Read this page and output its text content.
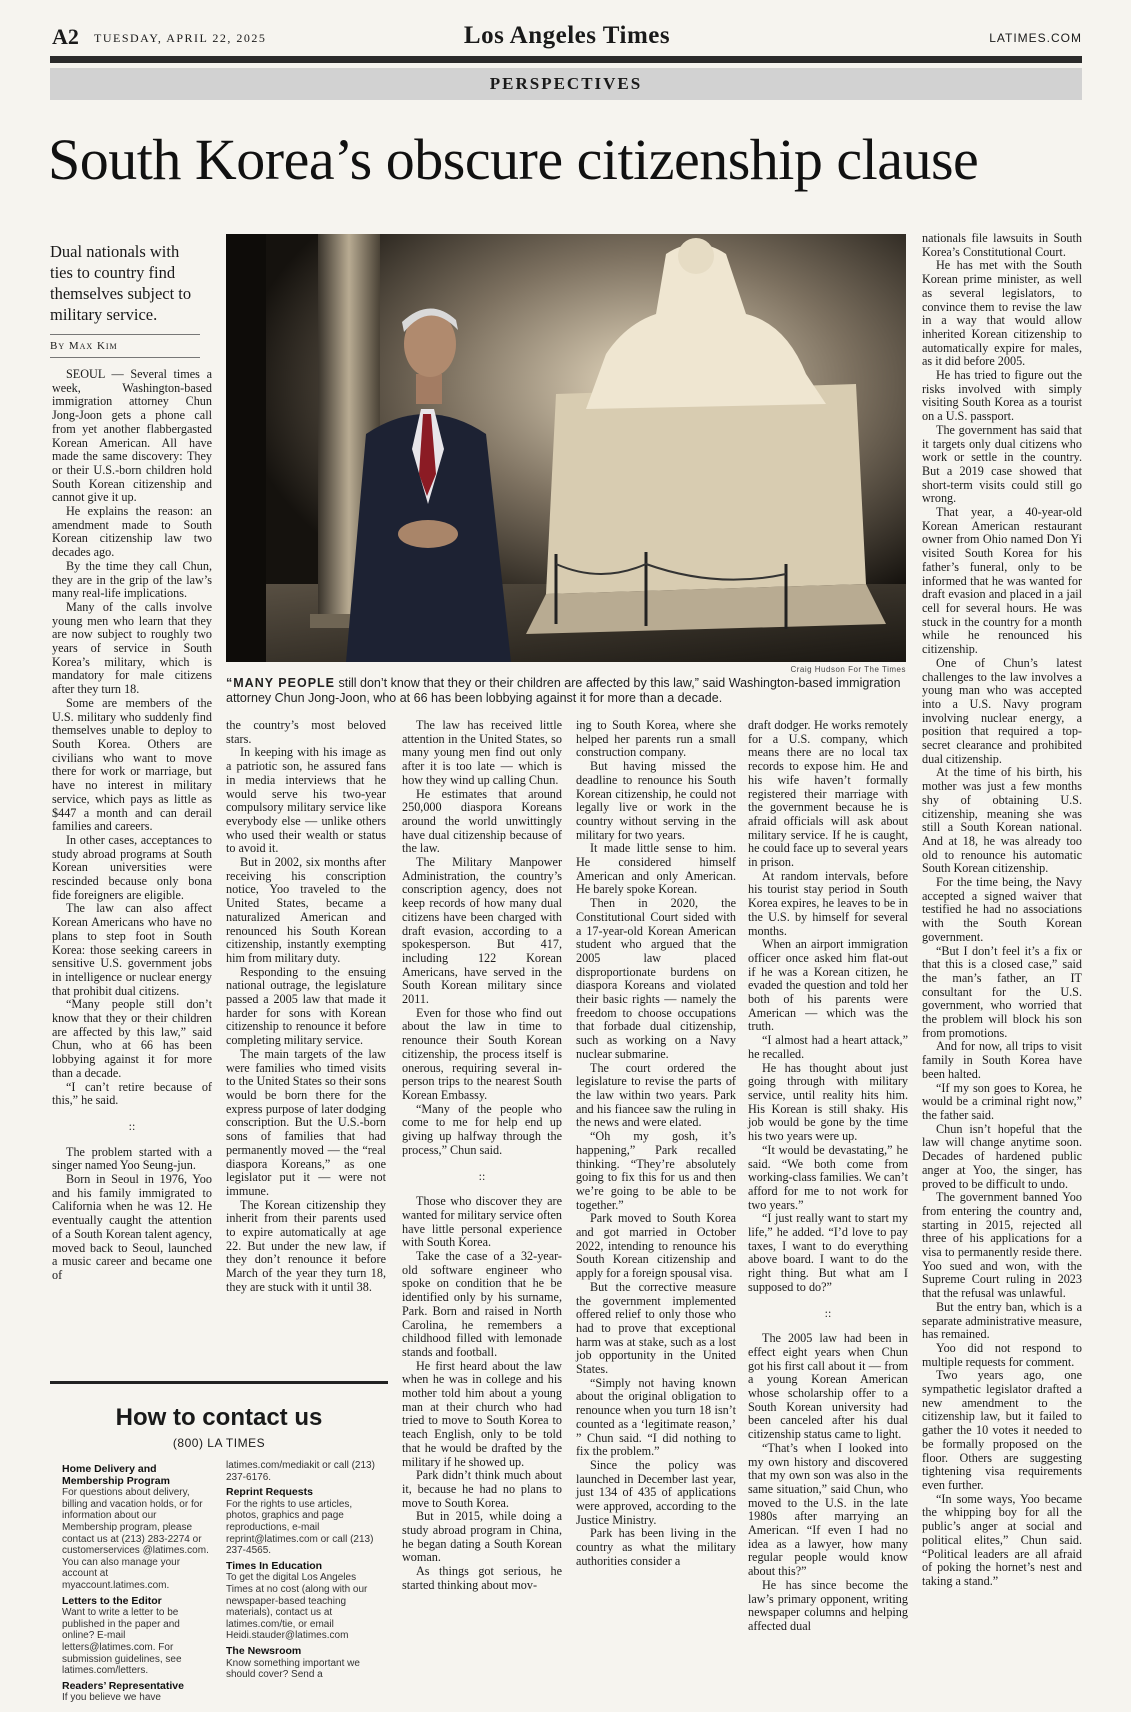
A2 TUESDAY, APRIL 22, 2025	Los Angeles Times	LATIMES.COM
PERSPECTIVES
South Korea’s obscure citizenship clause
Dual nationals with ties to country find themselves subject to military service.
By Max Kim
Craig Hudson For The Times
“MANY PEOPLE still don’t know that they or their children are affected by this law,” said Washington-based immigration attorney Chun Jong-Joon, who at 66 has been lobbying against it for more than a decade.

SEOUL — Several times a week, Washington-based immigration attorney Chun Jong-Joon gets a phone call from yet another flabbergasted Korean American. All have made the same discovery: They or their U.S.-born children hold South Korean citizenship and cannot give it up.

He explains the reason: an amendment made to South Korean citizenship law two decades ago.

By the time they call Chun, they are in the grip of the law’s many real-life implications.

Many of the calls involve young men who learn that they are now subject to roughly two years of service in South Korea’s military, which is mandatory for male citizens after they turn 18.

Some are members of the U.S. military who suddenly find themselves unable to deploy to South Korea. Others are civilians who want to move there for work or marriage, but have no interest in military service, which pays as little as $447 a month and can derail families and careers.

In other cases, acceptances to study abroad programs at South Korean universities were rescinded because only bona fide foreigners are eligible.

The law can also affect Korean Americans who have no plans to step foot in South Korea: those seeking careers in sensitive U.S. government jobs in intelligence or nuclear energy that prohibit dual citizens.

“Many people still don’t know that they or their children are affected by this law,” said Chun, who at 66 has been lobbying against it for more than a decade.

“I can’t retire because of this,” he said.

::

The problem started with a singer named Yoo Seung-jun.

Born in Seoul in 1976, Yoo and his family immigrated to California when he was 12. He eventually caught the attention of a South Korean talent agency, moved back to Seoul, launched a music career and became one of

the country’s most beloved stars.

In keeping with his image as a patriotic son, he assured fans in media interviews that he would serve his two-year compulsory military service like everybody else — unlike others who used their wealth or status to avoid it.

But in 2002, six months after receiving his conscription notice, Yoo traveled to the United States, became a naturalized American and renounced his South Korean citizenship, instantly exempting him from military duty.

Responding to the ensuing national outrage, the legislature passed a 2005 law that made it harder for sons with Korean citizenship to renounce it before completing military service.

The main targets of the law were families who timed visits to the United States so their sons would be born there for the express purpose of later dodging conscription. But the U.S.-born sons of families that had permanently moved — the “real diaspora Koreans,” as one legislator put it — were not immune.

The Korean citizenship they inherit from their parents used to expire automatically at age 22. But under the new law, if they don’t renounce it before March of the year they turn 18, they are stuck with it until 38.

The law has received little attention in the United States, so many young men find out only after it is too late — which is how they wind up calling Chun.

He estimates that around 250,000 diaspora Koreans around the world unwittingly have dual citizenship because of the law.

The Military Manpower Administration, the country’s conscription agency, does not keep records of how many dual citizens have been charged with draft evasion, according to a spokesperson. But 417, including 122 Korean Americans, have served in the South Korean military since 2011.

Even for those who find out about the law in time to renounce their South Korean citizenship, the process itself is onerous, requiring several in-person trips to the nearest South Korean Embassy.

“Many of the people who come to me for help end up giving up halfway through the process,” Chun said.

::

Those who discover they are wanted for military service often have little personal experience with South Korea.

Take the case of a 32-year-old software engineer who spoke on condition that he be identified only by his surname, Park. Born and raised in North Carolina, he remembers a childhood filled with lemonade stands and football.

He first heard about the law when he was in college and his mother told him about a young man at their church who had tried to move to South Korea to teach English, only to be told that he would be drafted by the military if he showed up.

Park didn’t think much about it, because he had no plans to move to South Korea.

But in 2015, while doing a study abroad program in China, he began dating a South Korean woman.

As things got serious, he started thinking about mov-

ing to South Korea, where she helped her parents run a small construction company.

But having missed the deadline to renounce his South Korean citizenship, he could not legally live or work in the country without serving in the military for two years.

It made little sense to him. He considered himself American and only American. He barely spoke Korean.

Then in 2020, the Constitutional Court sided with a 17-year-old Korean American student who argued that the 2005 law placed disproportionate burdens on diaspora Koreans and violated their basic rights — namely the freedom to choose occupations that forbade dual citizenship, such as working on a Navy nuclear submarine.

The court ordered the legislature to revise the parts of the law within two years. Park and his fiancee saw the ruling in the news and were elated.

“Oh my gosh, it’s happening,” Park recalled thinking. “They’re absolutely going to fix this for us and then we’re going to be able to be together.”

Park moved to South Korea and got married in October 2022, intending to renounce his South Korean citizenship and apply for a foreign spousal visa.

But the corrective measure the government implemented offered relief to only those who had to prove that exceptional harm was at stake, such as a lost job opportunity in the United States.

“Simply not having known about the original obligation to renounce when you turn 18 isn’t counted as a ‘legitimate reason,’ ” Chun said. “I did nothing to fix the problem.”

Since the policy was launched in December last year, just 134 of 435 of applications were approved, according to the Justice Ministry.

Park has been living in the country as what the military authorities consider a

draft dodger. He works remotely for a U.S. company, which means there are no local tax records to expose him. He and his wife haven’t formally registered their marriage with the government because he is afraid officials will ask about military service. If he is caught, he could face up to several years in prison.

At random intervals, before his tourist stay period in South Korea expires, he leaves to be in the U.S. by himself for several months.

When an airport immigration officer once asked him flat-out if he was a Korean citizen, he evaded the question and told her both of his parents were American — which was the truth.

“I almost had a heart attack,” he recalled.

He has thought about just going through with military service, until reality hits him. His Korean is still shaky. His job would be gone by the time his two years were up.

“It would be devastating,” he said. “We both come from working-class families. We can’t afford for me to not work for two years.”

“I just really want to start my life,” he added. “I’d love to pay taxes, I want to do everything above board. I want to do the right thing. But what am I supposed to do?”

::

The 2005 law had been in effect eight years when Chun got his first call about it — from a young Korean American whose scholarship offer to a South Korean university had been canceled after his dual citizenship status came to light.

“That’s when I looked into my own history and discovered that my own son was also in the same situation,” said Chun, who moved to the U.S. in the late 1980s after marrying an American. “If even I had no idea as a lawyer, how many regular people would know about this?”

He has since become the law’s primary opponent, writing newspaper columns and helping affected dual

nationals file lawsuits in South Korea’s Constitutional Court.

He has met with the South Korean prime minister, as well as several legislators, to convince them to revise the law in a way that would allow inherited Korean citizenship to automatically expire for males, as it did before 2005.

He has tried to figure out the risks involved with simply visiting South Korea as a tourist on a U.S. passport.

The government has said that it targets only dual citizens who work or settle in the country. But a 2019 case showed that short-term visits could still go wrong.

That year, a 40-year-old Korean American restaurant owner from Ohio named Don Yi visited South Korea for his father’s funeral, only to be informed that he was wanted for draft evasion and placed in a jail cell for several hours. He was stuck in the country for a month while he renounced his citizenship.

One of Chun’s latest challenges to the law involves a young man who was accepted into a U.S. Navy program involving nuclear energy, a position that required a top-secret clearance and prohibited dual citizenship.

At the time of his birth, his mother was just a few months shy of obtaining U.S. citizenship, meaning she was still a South Korean national. And at 18, he was already too old to renounce his automatic South Korean citizenship.

For the time being, the Navy accepted a signed waiver that testified he had no associations with the South Korean government.

“But I don’t feel it’s a fix or that this is a closed case,” said the man’s father, an IT consultant for the U.S. government, who worried that the problem will block his son from promotions.

And for now, all trips to visit family in South Korea have been halted.

“If my son goes to Korea, he would be a criminal right now,” the father said.

Chun isn’t hopeful that the law will change anytime soon. Decades of hardened public anger at Yoo, the singer, has proved to be difficult to undo.

The government banned Yoo from entering the country and, starting in 2015, rejected all three of his applications for a visa to permanently reside there. Yoo sued and won, with the Supreme Court ruling in 2023 that the refusal was unlawful.

But the entry ban, which is a separate administrative measure, has remained.

Yoo did not respond to multiple requests for comment.

Two years ago, one sympathetic legislator drafted a new amendment to the citizenship law, but it failed to gather the 10 votes it needed to be formally proposed on the floor. Others are suggesting tightening visa requirements even further.

“In some ways, Yoo became the whipping boy for all the public’s anger at social and political elites,” Chun said. “Political leaders are all afraid of poking the hornet’s nest and taking a stand.”

How to contact us
(800) LA TIMES
Home Delivery and Membership Program
For questions about delivery, billing and vacation holds, or for information about our Membership program, please contact us at (213) 283-2274 or customerservices @latimes.com. You can also manage your account at myaccount.latimes.com.
Letters to the Editor
Want to write a letter to be published in the paper and online? E-mail letters@latimes.com. For submission guidelines, see latimes.com/letters.
Readers’ Representative
If you believe we have
latimes.com/mediakit or call (213) 237-6176.
Reprint Requests
For the rights to use articles, photos, graphics and page reproductions, e-mail reprint@latimes.com or call (213) 237-4565.
Times In Education
To get the digital Los Angeles Times at no cost (along with our newspaper-based teaching materials), contact us at latimes.com/tie, or email Heidi.stauder@latimes.com
The Newsroom
Know something important we should cover? Send a
